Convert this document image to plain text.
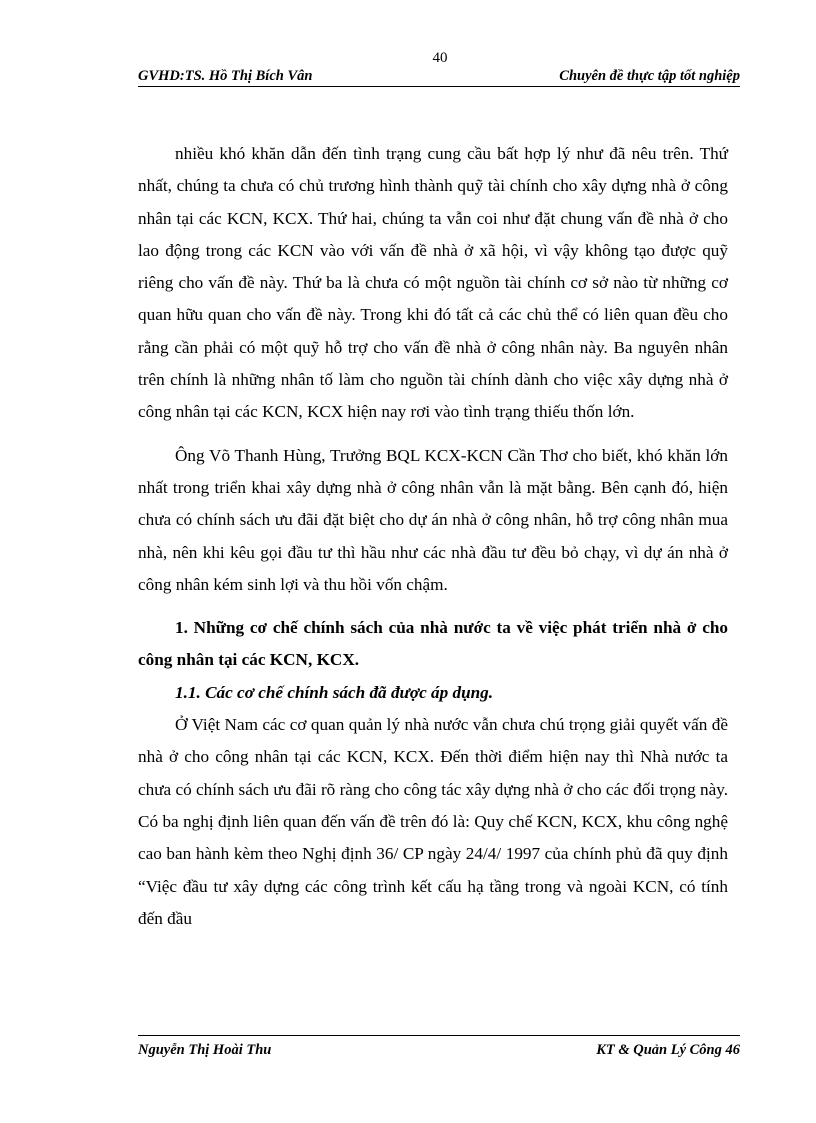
40
GVHD:TS. Hồ Thị Bích Vân	Chuyên đề thực tập tốt nghiệp

nhiều khó khăn dẫn đến tình trạng cung cầu bất hợp lý như đã nêu trên. Thứ nhất, chúng ta chưa có chủ trương hình thành quỹ tài chính cho xây dựng nhà ở công nhân tại các KCN, KCX. Thứ hai, chúng ta vẫn coi như đặt chung vấn đề nhà ở cho lao động trong các KCN vào với vấn đề nhà ở xã hội, vì vậy không tạo được quỹ riêng cho vấn đề này. Thứ ba là chưa có một nguồn tài chính cơ sở nào từ những cơ quan hữu quan cho vấn đề này. Trong khi đó tất cả các chủ thể có liên quan đều cho rằng cần phải có một quỹ hỗ trợ cho vấn đề nhà ở công nhân này. Ba nguyên nhân trên chính là những nhân tố làm cho nguồn tài chính dành cho việc xây dựng nhà ở công nhân tại các KCN, KCX hiện nay rơi vào tình trạng thiếu thốn lớn.

Ông Võ Thanh Hùng, Trưởng BQL KCX-KCN Cần Thơ cho biết, khó khăn lớn nhất trong triển khai xây dựng nhà ở công nhân vẫn là mặt bằng. Bên cạnh đó, hiện chưa có chính sách ưu đãi đặt biệt cho dự án nhà ở công nhân, hỗ trợ công nhân mua nhà, nên khi kêu gọi đầu tư thì hầu như các nhà đầu tư đều bỏ chạy, vì dự án nhà ở công nhân kém sinh lợi và thu hồi vốn chậm.

1. Những cơ chế chính sách của nhà nước ta về việc phát triển nhà ở cho công nhân tại các KCN, KCX.

1.1. Các cơ chế chính sách đã được áp dụng.

Ở Việt Nam các cơ quan quản lý nhà nước vẫn chưa chú trọng giải quyết vấn đề nhà ở cho công nhân tại các KCN, KCX. Đến thời điểm hiện nay thì Nhà nước ta chưa có chính sách ưu đãi rõ ràng cho công tác xây dựng nhà ở cho các đối trọng này. Có ba nghị định liên quan đến vấn đề trên đó là: Quy chế KCN, KCX, khu công nghệ cao ban hành kèm theo Nghị định 36/ CP ngày 24/4/ 1997 của chính phủ đã quy định “Việc đầu tư xây dựng các công trình kết cấu hạ tầng trong và ngoài KCN, có tính đến đầu

Nguyễn Thị Hoài Thu	KT & Quản Lý Công 46
